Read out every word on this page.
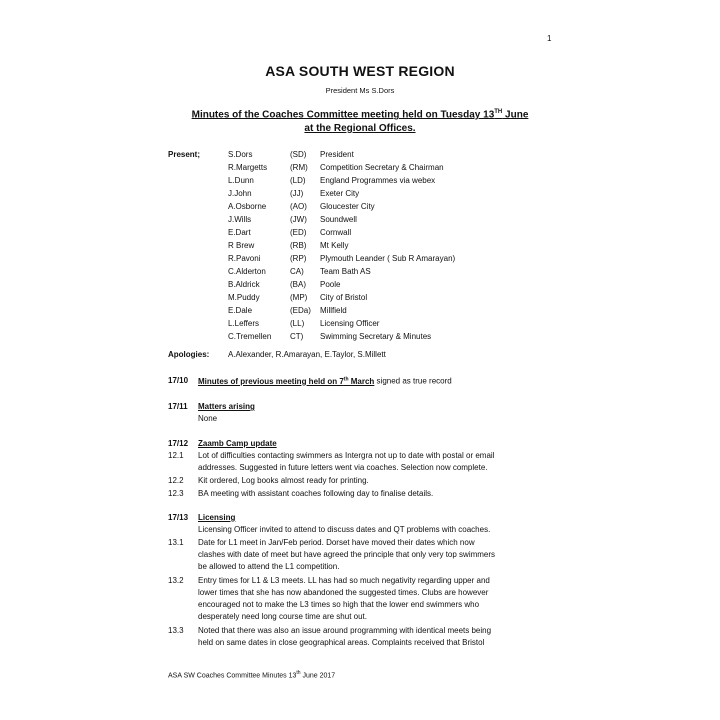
1
ASA SOUTH WEST REGION
President Ms S.Dors
Minutes of the Coaches Committee meeting held on Tuesday 13TH June
at the Regional Offices.
Present;	S.Dors	(SD) President
R.Margetts	(RM) Competition Secretary & Chairman
L.Dunn	(LD) England Programmes via webex
J.John	(JJ) Exeter City
A.Osborne	(AO) Gloucester City
J.Wills	(JW) Soundwell
E.Dart	(ED) Cornwall
R Brew	(RB) Mt Kelly
R.Pavoni	(RP) Plymouth Leander ( Sub R Amarayan)
C.Alderton	CA) Team Bath AS
B.Aldrick	(BA) Poole
M.Puddy	(MP) City of Bristol
E.Dale	(EDa) Millfield
L.Leffers	(LL) Licensing Officer
C.Tremellen CT) Swimming Secretary & Minutes
Apologies: A.Alexander, R.Amarayan, E.Taylor, S.Millett
17/10 Minutes of previous meeting held on 7th March signed as true record
17/11 Matters arising
None
17/12 Zaamb Camp update
12.1 Lot of difficulties contacting swimmers as Intergra not up to date with postal or email
addresses. Suggested in future letters went via coaches. Selection now complete.
12.2 Kit ordered, Log books almost ready for printing.
12.3 BA meeting with assistant coaches following day to finalise details.
17/13 Licensing
Licensing Officer invited to attend to discuss dates and QT problems with coaches.
13.1 Date for L1 meet in Jan/Feb period. Dorset have moved their dates which now
clashes with date of meet but have agreed the principle that only very top swimmers
be allowed to attend the L1 competition.
13.2 Entry times for L1 & L3 meets. LL has had so much negativity regarding upper and
lower times that she has now abandoned the suggested times. Clubs are however
encouraged not to make the L3 times so high that the lower end swimmers who
desperately need long course time are shut out.
13.3 Noted that there was also an issue around programming with identical meets being
held on same dates in close geographical areas. Complaints received that Bristol
ASA SW Coaches Committee Minutes 13th June 2017
